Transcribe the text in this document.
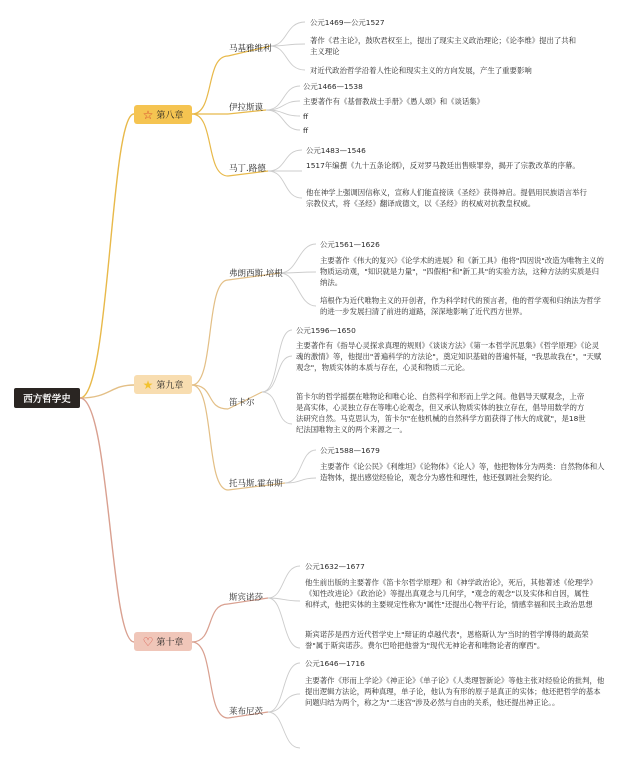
西方哲学史
☆ 第八章
★ 第九章
♡ 第十章
马基雅维利
公元1469—公元1527
著作《君主论》，鼓吹君权至上，提出了现实主义政治理论；《论李维》提出了共和主义理论
对近代政治哲学沿着人性论和现实主义的方向发展，产生了重要影响
伊拉斯谟
公元1466—1538
主要著作有《基督教战士手册》《愚人颂》和《谈话集》
ff
ff
马丁.路德
公元1483—1546
1517年编撰《九十五条论纲》，反对罗马教廷出售赎罪券，揭开了宗教改革的序幕。
他在神学上强调因信称义，宣称人们能直接读《圣经》获得神启。提倡用民族语言举行宗教仪式，将《圣经》翻译成德文，以《圣经》的权威对抗教皇权威。
弗朗西斯.培根
公元1561—1626
主要著作《伟大的复兴》《论学术的进展》和《新工具》他将"四因说"改造为唯物主义的物质运动观，"知识就是力量"，"四假相"和"新工具"的实验方法，这种方法的实质是归纳法。
培根作为近代唯物主义的开创者，作为科学时代的预言者，他的哲学观和归纳法为哲学的进一步发展扫清了前进的道路，深深地影响了近代西方世界。
笛卡尔
公元1596—1650
主要著作有《指导心灵探求真理的规则》《谈谈方法》《第一本哲学沉思集》《哲学原理》《论灵魂的激情》等，他提出"普遍科学的方法论"，奠定知识基础的普遍怀疑，"我思故我在"，"天赋观念"，物质实体的本质与存在，心灵和物质二元论。
笛卡尔的哲学摇摆在唯物论和唯心论、自然科学和形而上学之间。他倡导天赋观念，上帝是高实体，心灵独立存在等唯心论观念，但又承认物质实体的独立存在，倡导用数学的方法研究自然。马克思认为，笛卡尔"在他机械的自然科学方面获得了伟大的成就"，是18世纪法国唯物主义的两个来源之一。
托马斯.霍布斯
公元1588—1679
主要著作《论公民》《利维坦》《论物体》《论人》等，他把物体分为两类：自然物体和人造物体，提出感觉经验论，观念分为感性和理性，他还强调社会契约论。
斯宾诺莎
公元1632—1677
他生前出版的主要著作《笛卡尔哲学原理》和《神学政治论》，死后，其他著述《伦理学》《知性改进论》《政治论》等提出真观念与几何学，"观念的观念"以及实体和自因，属性和样式，他把实体的主要规定性称为"属性"还提出心物平行论，情感幸福和民主政治思想
斯宾诺莎是西方近代哲学史上"辩证的卓越代表"，恩格斯认为"当时的哲学博得的最高荣誉"属于斯宾诺莎。费尔巴哈把他誉为"现代无神论者和唯物论者的摩西"。
莱布尼茨
公元1646—1716
主要著作《形而上学论》《神正论》《单子论》《人类理智新论》等他主张对经验论的批判，他提出逻辑方法论，两种真理，单子论，他认为有形的原子是真正的实体；他还把哲学的基本问题归结为两个，称之为"二迷宫"涉及必然与自由的关系，他还提出神正论。。
